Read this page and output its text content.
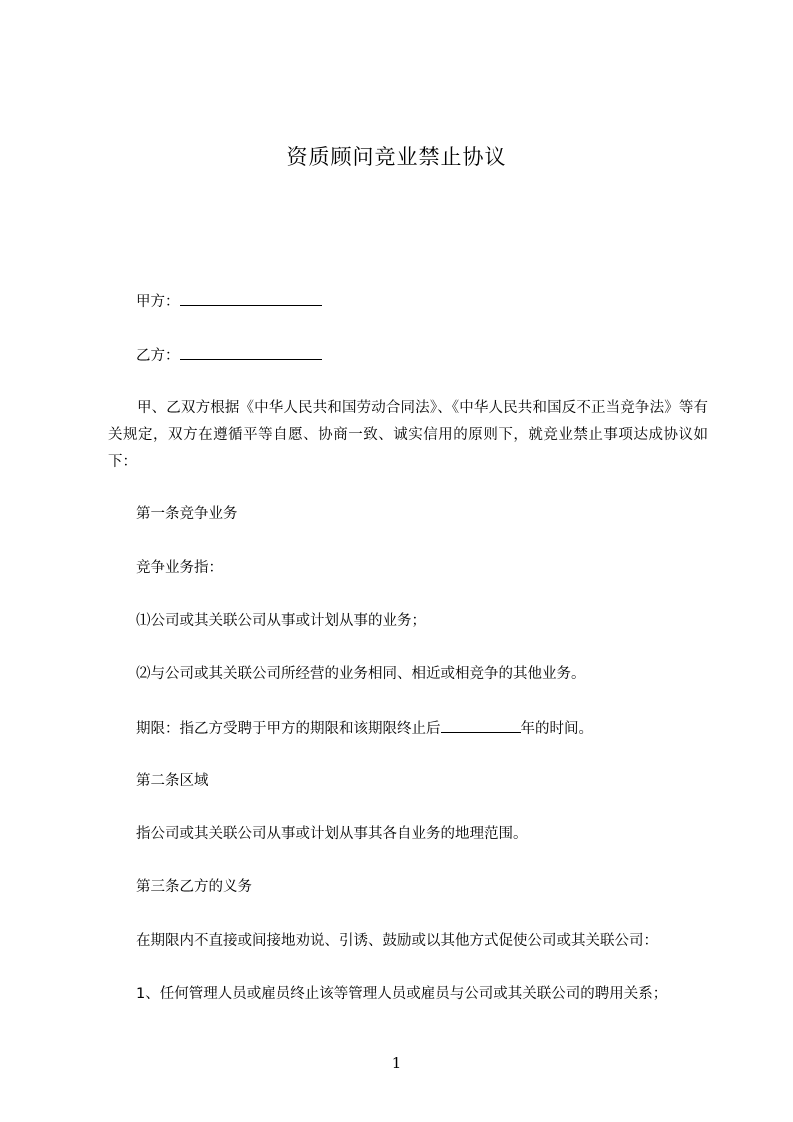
资质顾问竞业禁止协议
甲方：
乙方：
甲、乙双方根据《中华人民共和国劳动合同法》、《中华人民共和国反不正当竞争法》等有关规定，双方在遵循平等自愿、协商一致、诚实信用的原则下，就竞业禁止事项达成协议如下：
第一条竞争业务
竞争业务指：
⑴公司或其关联公司从事或计划从事的业务；
⑵与公司或其关联公司所经营的业务相同、相近或相竞争的其他业务。
期限：指乙方受聘于甲方的期限和该期限终止后	年的时间。
第二条区域
指公司或其关联公司从事或计划从事其各自业务的地理范围。
第三条乙方的义务
在期限内不直接或间接地劝说、引诱、鼓励或以其他方式促使公司或其关联公司：
1、任何管理人员或雇员终止该等管理人员或雇员与公司或其关联公司的聘用关系；
1
